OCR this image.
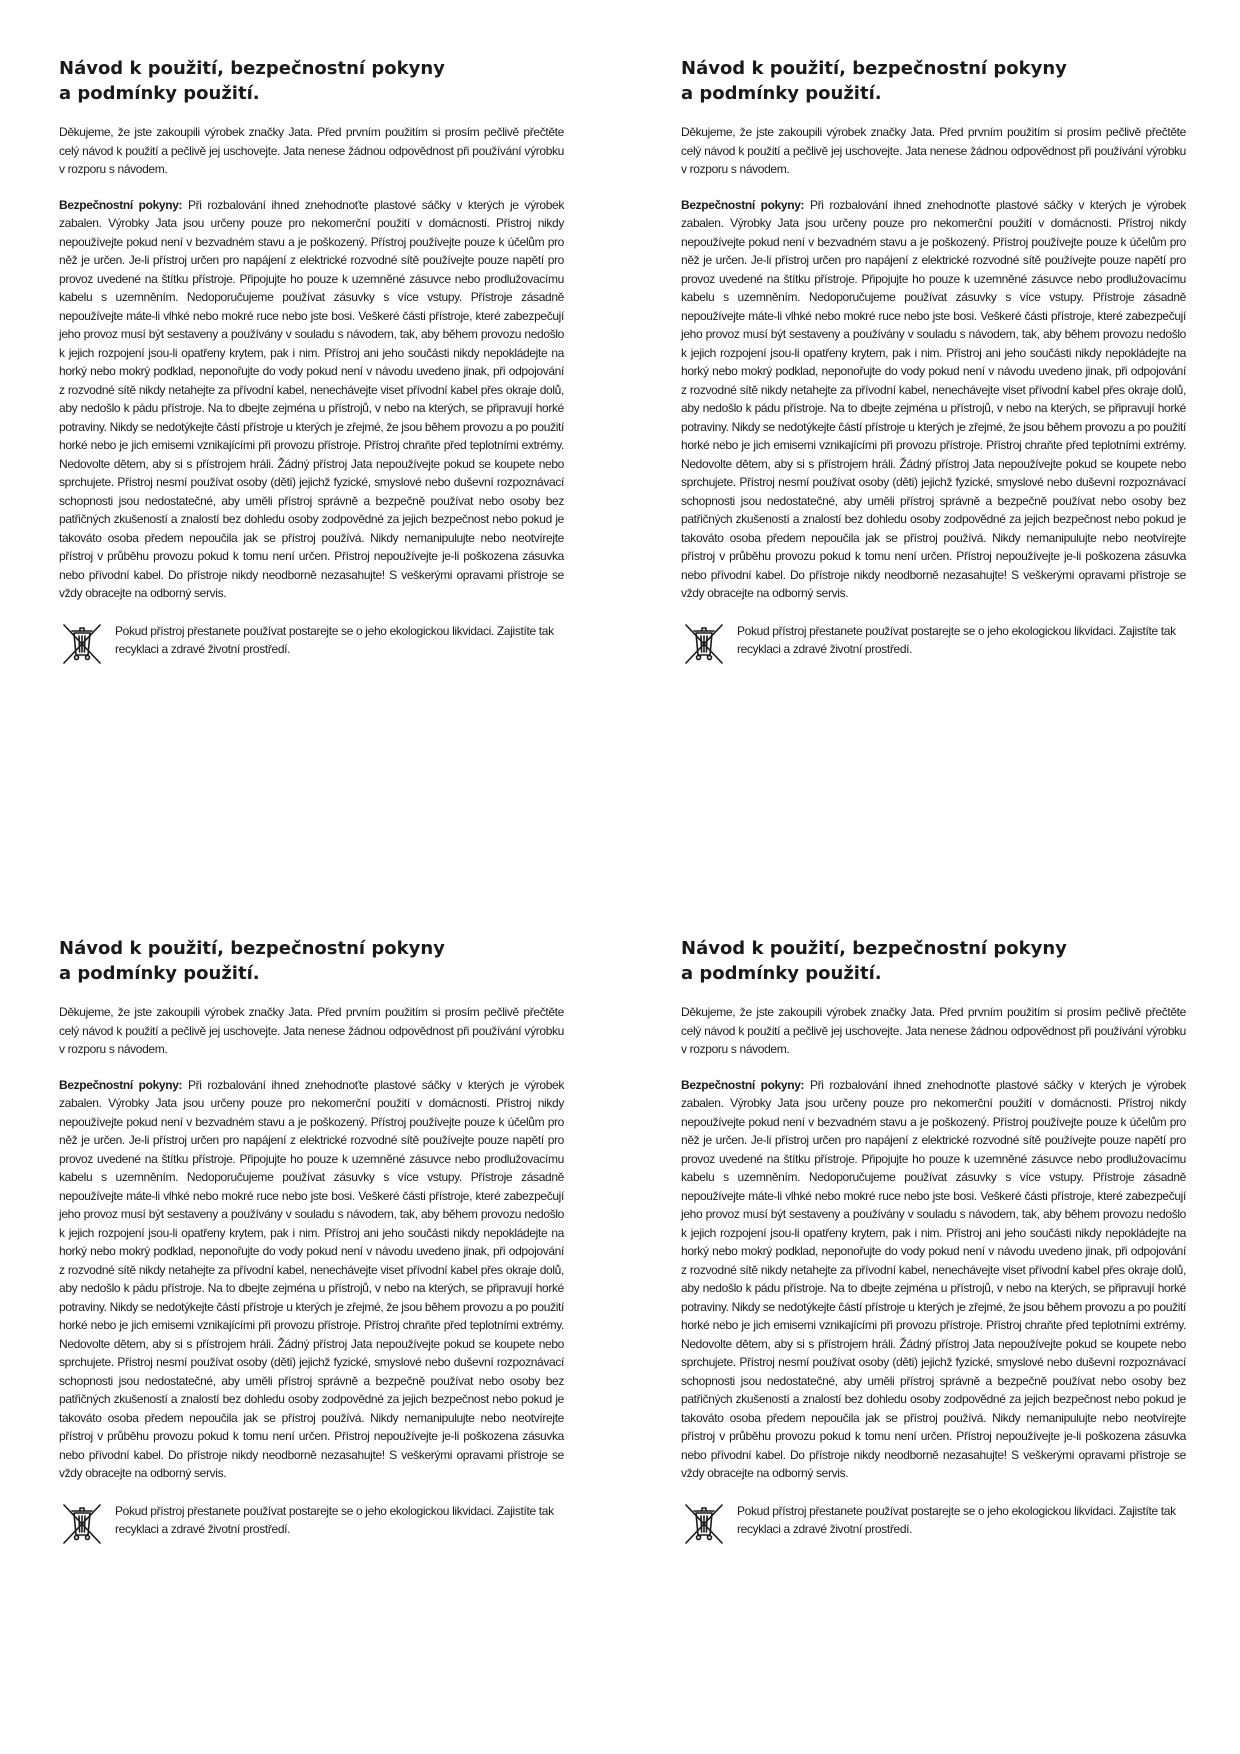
Návod k použití, bezpečnostní pokyny
a podmínky použití.

Děkujeme, že jste zakoupili výrobek značky Jata. Před prvním použitím si prosím pečlivě přečtěte celý návod k použití a pečlivě jej uschovejte. Jata nenese žádnou odpovědnost při používání výrobku v rozporu s návodem.

Bezpečnostní pokyny: Při rozbalování ihned znehodnoťte plastové sáčky v kterých je výrobek zabalen. Výrobky Jata jsou určeny pouze pro nekomerční použití v domácnosti. Přístroj nikdy nepoužívejte pokud není v bezvadném stavu a je poškozený. Přístroj používejte pouze k účelům pro něž je určen. Je-li přístroj určen pro napájení z elektrické rozvodné sítě používejte pouze napětí pro provoz uvedené na štítku přístroje. Připojujte ho pouze k uzemněné zásuvce nebo prodlužovacímu kabelu s uzemněním. Nedoporučujeme používat zásuvky s více vstupy. Přístroje zásadně nepoužívejte máte-li vlhké nebo mokré ruce nebo jste bosi. Veškeré části přístroje, které zabezpečují jeho provoz musí být sestaveny a používány v souladu s návodem, tak, aby během provozu nedošlo k jejich rozpojení jsou-li opatřeny krytem, pak i nim. Přístroj ani jeho součásti nikdy nepokládejte na horký nebo mokrý podklad, neponořujte do vody pokud není v návodu uvedeno jinak, při odpojování z rozvodné sítě nikdy netahejte za přívodní kabel, nenechávejte viset přívodní kabel přes okraje dolů, aby nedošlo k pádu přístroje. Na to dbejte zejména u přístrojů, v nebo na kterých, se připravují horké potraviny. Nikdy se nedotýkejte částí přístroje u kterých je zřejmé, že jsou během provozu a po použití horké nebo je jich emisemi vznikajícími při provozu přístroje. Přístroj chraňte před teplotními extrémy. Nedovolte dětem, aby si s přístrojem hráli. Žádný přístroj Jata nepoužívejte pokud se koupete nebo sprchujete. Přístroj nesmí používat osoby (děti) jejichž fyzické, smyslové nebo duševní rozpoznávací schopnosti jsou nedostatečné, aby uměli přístroj správně a bezpečně používat nebo osoby bez patřičných zkušeností a znalostí bez dohledu osoby zodpovědné za jejich bezpečnost nebo pokud je takováto osoba předem nepoučila jak se přístroj používá. Nikdy nemanipulujte nebo neotvírejte přístroj v průběhu provozu pokud k tomu není určen. Přístroj nepoužívejte je-li poškozena zásuvka nebo přívodní kabel. Do přístroje nikdy neodborně nezasahujte! S veškerými opravami přístroje se vždy obracejte na odborný servis.

Pokud přístroj přestanete používat postarejte se o jeho ekologickou likvidaci. Zajistíte tak recyklaci a zdravé životní prostředí.

Návod k použití, bezpečnostní pokyny
a podmínky použití.

Děkujeme, že jste zakoupili výrobek značky Jata. Před prvním použitím si prosím pečlivě přečtěte celý návod k použití a pečlivě jej uschovejte. Jata nenese žádnou odpovědnost při používání výrobku v rozporu s návodem.

Bezpečnostní pokyny: Při rozbalování ihned znehodnoťte plastové sáčky v kterých je výrobek zabalen. Výrobky Jata jsou určeny pouze pro nekomerční použití v domácnosti. Přístroj nikdy nepoužívejte pokud není v bezvadném stavu a je poškozený. Přístroj používejte pouze k účelům pro něž je určen. Je-li přístroj určen pro napájení z elektrické rozvodné sítě používejte pouze napětí pro provoz uvedené na štítku přístroje. Připojujte ho pouze k uzemněné zásuvce nebo prodlužovacímu kabelu s uzemněním. Nedoporučujeme používat zásuvky s více vstupy. Přístroje zásadně nepoužívejte máte-li vlhké nebo mokré ruce nebo jste bosi. Veškeré části přístroje, které zabezpečují jeho provoz musí být sestaveny a používány v souladu s návodem, tak, aby během provozu nedošlo k jejich rozpojení jsou-li opatřeny krytem, pak i nim. Přístroj ani jeho součásti nikdy nepokládejte na horký nebo mokrý podklad, neponořujte do vody pokud není v návodu uvedeno jinak, při odpojování z rozvodné sítě nikdy netahejte za přívodní kabel, nenechávejte viset přívodní kabel přes okraje dolů, aby nedošlo k pádu přístroje. Na to dbejte zejména u přístrojů, v nebo na kterých, se připravují horké potraviny. Nikdy se nedotýkejte částí přístroje u kterých je zřejmé, že jsou během provozu a po použití horké nebo je jich emisemi vznikajícími při provozu přístroje. Přístroj chraňte před teplotními extrémy. Nedovolte dětem, aby si s přístrojem hráli. Žádný přístroj Jata nepoužívejte pokud se koupete nebo sprchujete. Přístroj nesmí používat osoby (děti) jejichž fyzické, smyslové nebo duševní rozpoznávací schopnosti jsou nedostatečné, aby uměli přístroj správně a bezpečně používat nebo osoby bez patřičných zkušeností a znalostí bez dohledu osoby zodpovědné za jejich bezpečnost nebo pokud je takováto osoba předem nepoučila jak se přístroj používá. Nikdy nemanipulujte nebo neotvírejte přístroj v průběhu provozu pokud k tomu není určen. Přístroj nepoužívejte je-li poškozena zásuvka nebo přívodní kabel. Do přístroje nikdy neodborně nezasahujte! S veškerými opravami přístroje se vždy obracejte na odborný servis.

Pokud přístroj přestanete používat postarejte se o jeho ekologickou likvidaci. Zajistíte tak recyklaci a zdravé životní prostředí.

Návod k použití, bezpečnostní pokyny
a podmínky použití.

Děkujeme, že jste zakoupili výrobek značky Jata. Před prvním použitím si prosím pečlivě přečtěte celý návod k použití a pečlivě jej uschovejte. Jata nenese žádnou odpovědnost při používání výrobku v rozporu s návodem.

Bezpečnostní pokyny: Při rozbalování ihned znehodnoťte plastové sáčky v kterých je výrobek zabalen. Výrobky Jata jsou určeny pouze pro nekomerční použití v domácnosti. Přístroj nikdy nepoužívejte pokud není v bezvadném stavu a je poškozený. Přístroj používejte pouze k účelům pro něž je určen. Je-li přístroj určen pro napájení z elektrické rozvodné sítě používejte pouze napětí pro provoz uvedené na štítku přístroje. Připojujte ho pouze k uzemněné zásuvce nebo prodlužovacímu kabelu s uzemněním. Nedoporučujeme používat zásuvky s více vstupy. Přístroje zásadně nepoužívejte máte-li vlhké nebo mokré ruce nebo jste bosi. Veškeré části přístroje, které zabezpečují jeho provoz musí být sestaveny a používány v souladu s návodem, tak, aby během provozu nedošlo k jejich rozpojení jsou-li opatřeny krytem, pak i nim. Přístroj ani jeho součásti nikdy nepokládejte na horký nebo mokrý podklad, neponořujte do vody pokud není v návodu uvedeno jinak, při odpojování z rozvodné sítě nikdy netahejte za přívodní kabel, nenechávejte viset přívodní kabel přes okraje dolů, aby nedošlo k pádu přístroje. Na to dbejte zejména u přístrojů, v nebo na kterých, se připravují horké potraviny. Nikdy se nedotýkejte částí přístroje u kterých je zřejmé, že jsou během provozu a po použití horké nebo je jich emisemi vznikajícími při provozu přístroje. Přístroj chraňte před teplotními extrémy. Nedovolte dětem, aby si s přístrojem hráli. Žádný přístroj Jata nepoužívejte pokud se koupete nebo sprchujete. Přístroj nesmí používat osoby (děti) jejichž fyzické, smyslové nebo duševní rozpoznávací schopnosti jsou nedostatečné, aby uměli přístroj správně a bezpečně používat nebo osoby bez patřičných zkušeností a znalostí bez dohledu osoby zodpovědné za jejich bezpečnost nebo pokud je takováto osoba předem nepoučila jak se přístroj používá. Nikdy nemanipulujte nebo neotvírejte přístroj v průběhu provozu pokud k tomu není určen. Přístroj nepoužívejte je-li poškozena zásuvka nebo přívodní kabel. Do přístroje nikdy neodborně nezasahujte! S veškerými opravami přístroje se vždy obracejte na odborný servis.

Pokud přístroj přestanete používat postarejte se o jeho ekologickou likvidaci. Zajistíte tak recyklaci a zdravé životní prostředí.

Návod k použití, bezpečnostní pokyny
a podmínky použití.

Děkujeme, že jste zakoupili výrobek značky Jata. Před prvním použitím si prosím pečlivě přečtěte celý návod k použití a pečlivě jej uschovejte. Jata nenese žádnou odpovědnost při používání výrobku v rozporu s návodem.

Bezpečnostní pokyny: Při rozbalování ihned znehodnoťte plastové sáčky v kterých je výrobek zabalen. Výrobky Jata jsou určeny pouze pro nekomerční použití v domácnosti. Přístroj nikdy nepoužívejte pokud není v bezvadném stavu a je poškozený. Přístroj používejte pouze k účelům pro něž je určen. Je-li přístroj určen pro napájení z elektrické rozvodné sítě používejte pouze napětí pro provoz uvedené na štítku přístroje. Připojujte ho pouze k uzemněné zásuvce nebo prodlužovacímu kabelu s uzemněním. Nedoporučujeme používat zásuvky s více vstupy. Přístroje zásadně nepoužívejte máte-li vlhké nebo mokré ruce nebo jste bosi. Veškeré části přístroje, které zabezpečují jeho provoz musí být sestaveny a používány v souladu s návodem, tak, aby během provozu nedošlo k jejich rozpojení jsou-li opatřeny krytem, pak i nim. Přístroj ani jeho součásti nikdy nepokládejte na horký nebo mokrý podklad, neponořujte do vody pokud není v návodu uvedeno jinak, při odpojování z rozvodné sítě nikdy netahejte za přívodní kabel, nenechávejte viset přívodní kabel přes okraje dolů, aby nedošlo k pádu přístroje. Na to dbejte zejména u přístrojů, v nebo na kterých, se připravují horké potraviny. Nikdy se nedotýkejte částí přístroje u kterých je zřejmé, že jsou během provozu a po použití horké nebo je jich emisemi vznikajícími při provozu přístroje. Přístroj chraňte před teplotními extrémy. Nedovolte dětem, aby si s přístrojem hráli. Žádný přístroj Jata nepoužívejte pokud se koupete nebo sprchujete. Přístroj nesmí používat osoby (děti) jejichž fyzické, smyslové nebo duševní rozpoznávací schopnosti jsou nedostatečné, aby uměli přístroj správně a bezpečně používat nebo osoby bez patřičných zkušeností a znalostí bez dohledu osoby zodpovědné za jejich bezpečnost nebo pokud je takováto osoba předem nepoučila jak se přístroj používá. Nikdy nemanipulujte nebo neotvírejte přístroj v průběhu provozu pokud k tomu není určen. Přístroj nepoužívejte je-li poškozena zásuvka nebo přívodní kabel. Do přístroje nikdy neodborně nezasahujte! S veškerými opravami přístroje se vždy obracejte na odborný servis.

Pokud přístroj přestanete používat postarejte se o jeho ekologickou likvidaci. Zajistíte tak recyklaci a zdravé životní prostředí.
